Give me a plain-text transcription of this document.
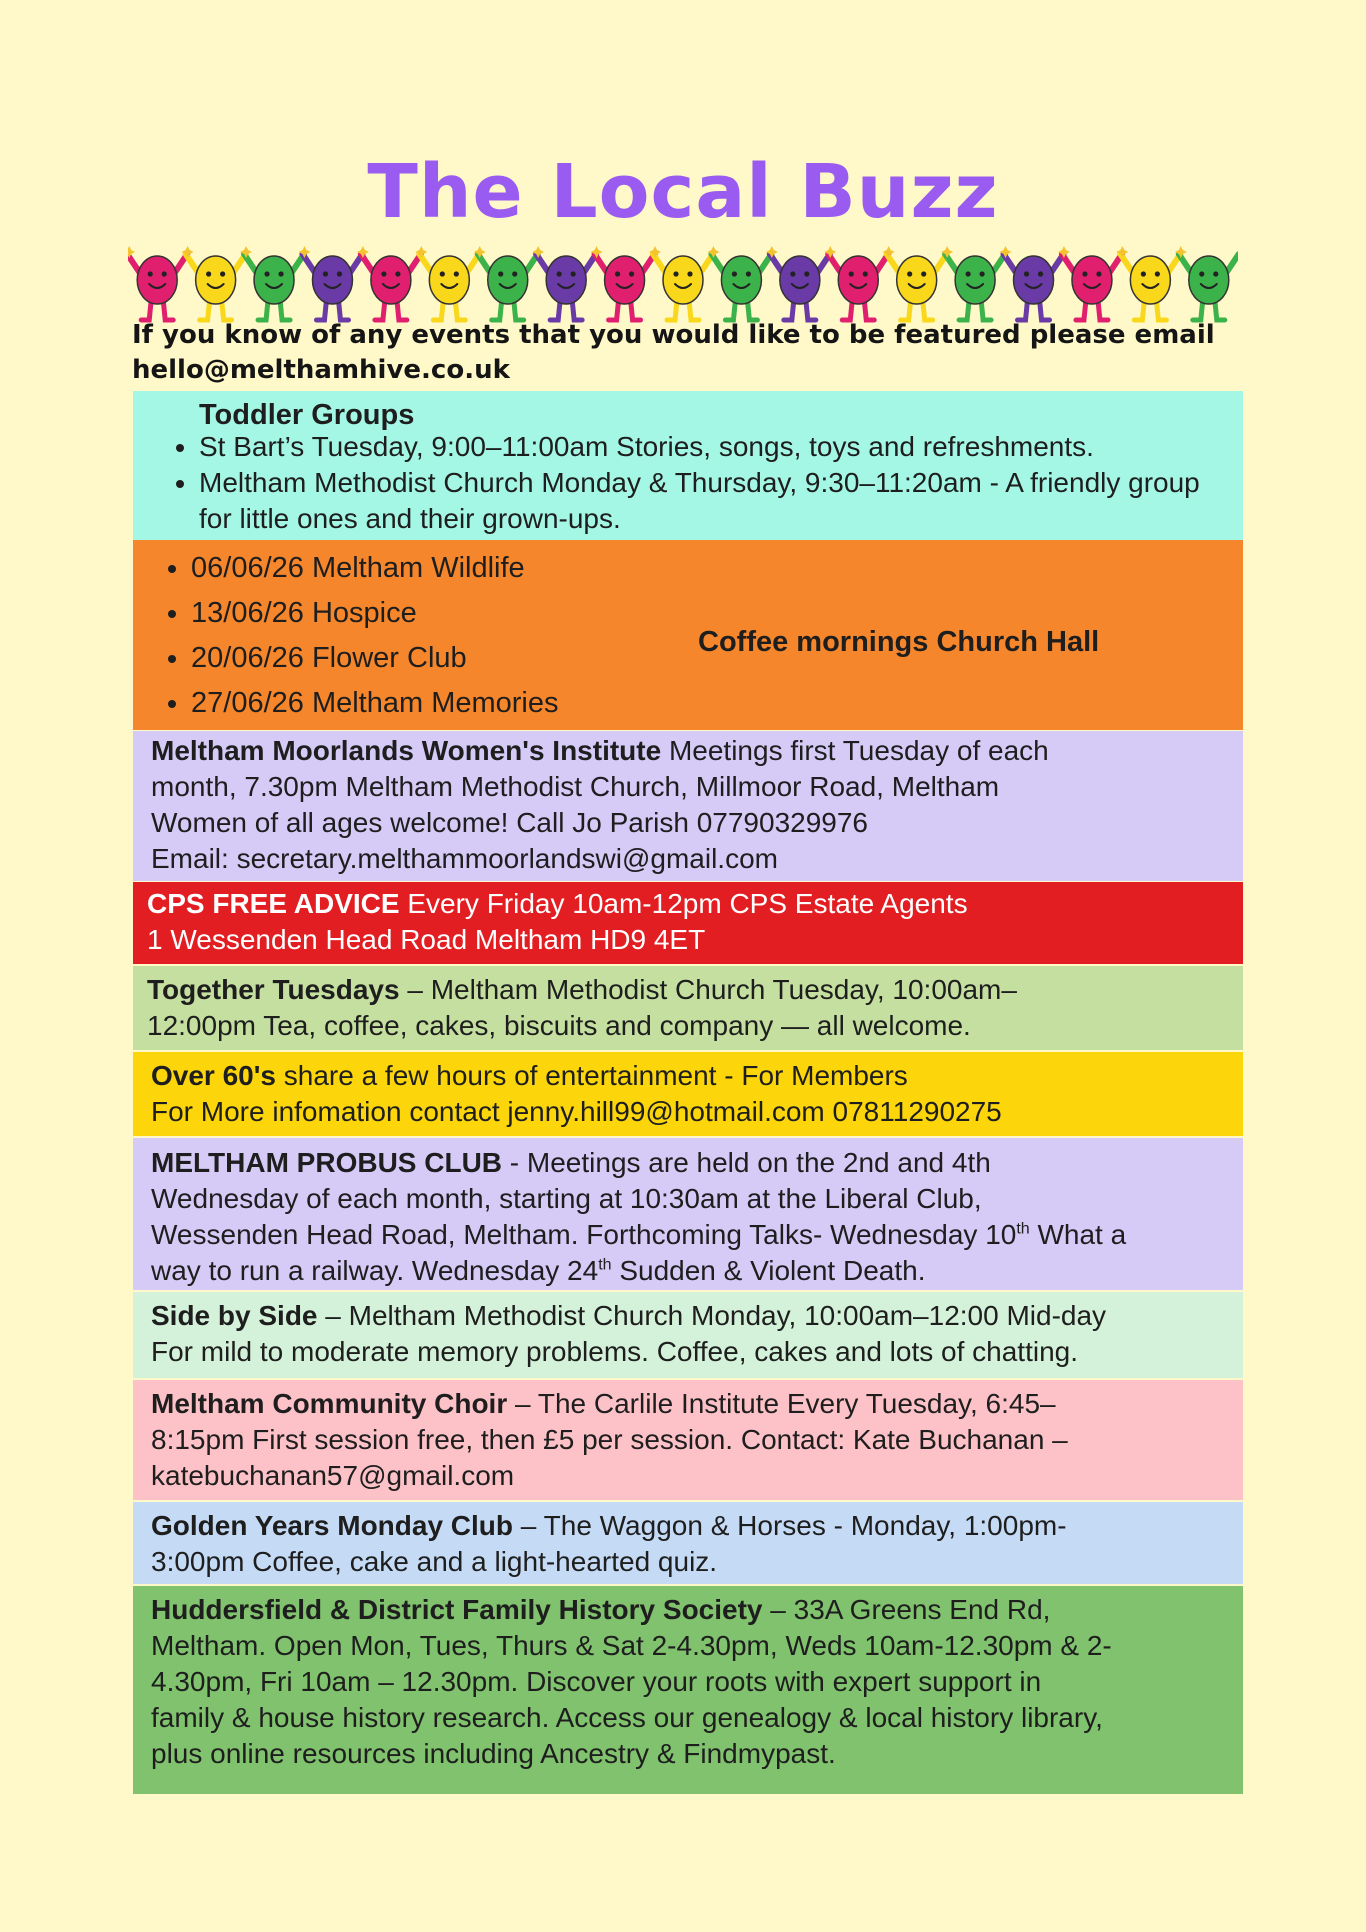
The Local Buzz
If you know of any events that you would like to be featured please email
hello@melthamhive.co.uk
Toddler Groups
• St Bart’s Tuesday, 9:00–11:00am Stories, songs, toys and refreshments.
• Meltham Methodist Church Monday & Thursday, 9:30–11:20am - A friendly group for little ones and their grown-ups.
• 06/06/26 Meltham Wildlife
• 13/06/26 Hospice
• 20/06/26 Flower Club
• 27/06/26 Meltham Memories
Coffee mornings Church Hall
Meltham Moorlands Women's Institute Meetings first Tuesday of each
month, 7.30pm Meltham Methodist Church, Millmoor Road, Meltham
Women of all ages welcome! Call Jo Parish 07790329976
Email: secretary.melthammoorlandswi@gmail.com
CPS FREE ADVICE Every Friday 10am-12pm CPS Estate Agents
1 Wessenden Head Road Meltham HD9 4ET
Together Tuesdays – Meltham Methodist Church Tuesday, 10:00am–
12:00pm Tea, coffee, cakes, biscuits and company — all welcome.
Over 60's share a few hours of entertainment - For Members
For More infomation contact jenny.hill99@hotmail.com 07811290275
MELTHAM PROBUS CLUB - Meetings are held on the 2nd and 4th
Wednesday of each month, starting at 10:30am at the Liberal Club,
Wessenden Head Road, Meltham. Forthcoming Talks- Wednesday 10th What a
way to run a railway. Wednesday 24th Sudden & Violent Death.
Side by Side – Meltham Methodist Church Monday, 10:00am–12:00 Mid-day
For mild to moderate memory problems. Coffee, cakes and lots of chatting.
Meltham Community Choir – The Carlile Institute Every Tuesday, 6:45–
8:15pm First session free, then £5 per session. Contact: Kate Buchanan –
katebuchanan57@gmail.com
Golden Years Monday Club – The Waggon & Horses - Monday, 1:00pm-
3:00pm Coffee, cake and a light-hearted quiz.
Huddersfield & District Family History Society – 33A Greens End Rd,
Meltham. Open Mon, Tues, Thurs & Sat 2-4.30pm, Weds 10am-12.30pm & 2-
4.30pm, Fri 10am – 12.30pm. Discover your roots with expert support in
family & house history research. Access our genealogy & local history library,
plus online resources including Ancestry & Findmypast.
